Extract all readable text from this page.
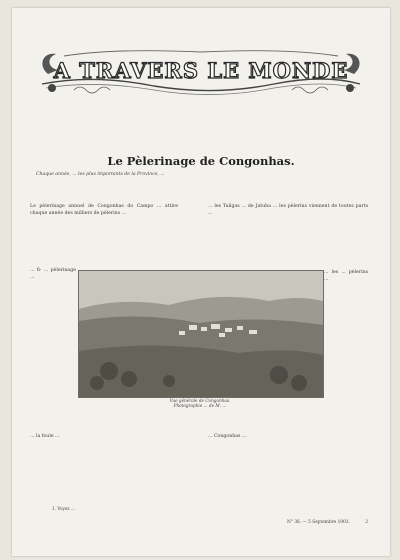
A TRAVERS LE MONDE
Le Pèlerinage de Congonhas.
Chaque année, ... les plus importants de la Province, ...
Le pèlerinage annuel de Congonhas do Campo ... attire chaque année des milliers de pèlerins ...
... les Taligas ... de Jatuba ... les pèlerins viennent de toutes parts ...
... fi- ... pèlerinage ...
... les ... pèlerins ...
Vue générale de Congonhas.
Photographie ... de M. ...
... la foule ...	... Congonhas ...
1. Voyez ...
N° 36. — 5 Septembre 1903.	2
